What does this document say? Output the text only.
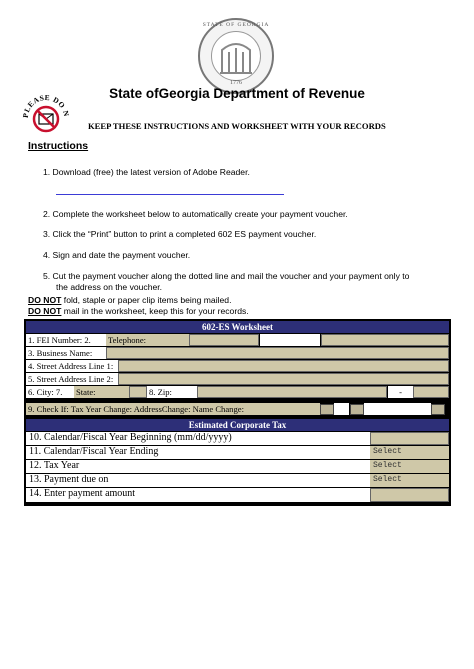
STATE OF GEORGIA
1776
PLEASE DO N
State ofGeorgia Department of Revenue
KEEP THESE INSTRUCTIONS AND WORKSHEET WITH YOUR RECORDS
Instructions
1. Download (free) the latest version of Adobe Reader.
2. Complete the worksheet below to automatically create your payment voucher.
3. Click the “Print” button to print a completed 602 ES payment voucher.
4. Sign and date the payment voucher.
5. Cut the payment voucher along the dotted line and mail the voucher and your payment only to
the address on the voucher.
DO NOT fold, staple or paper clip items being mailed.
DO NOT mail in the worksheet, keep this for your records.
602-ES Worksheet
1. FEI Number: 2.	Telephone:
3. Business Name:
4. Street Address Line 1:
5. Street Address Line 2:
6. City: 7.	State:	8. Zip:	-
9. Check If: Tax Year Change: AddressChange: Name Change:
Estimated Corporate Tax
10. Calendar/Fiscal Year Beginning (mm/dd/yyyy)
11. Calendar/Fiscal Year Ending	Select
12. Tax Year	Select
13. Payment due on	Select
14. Enter payment amount
